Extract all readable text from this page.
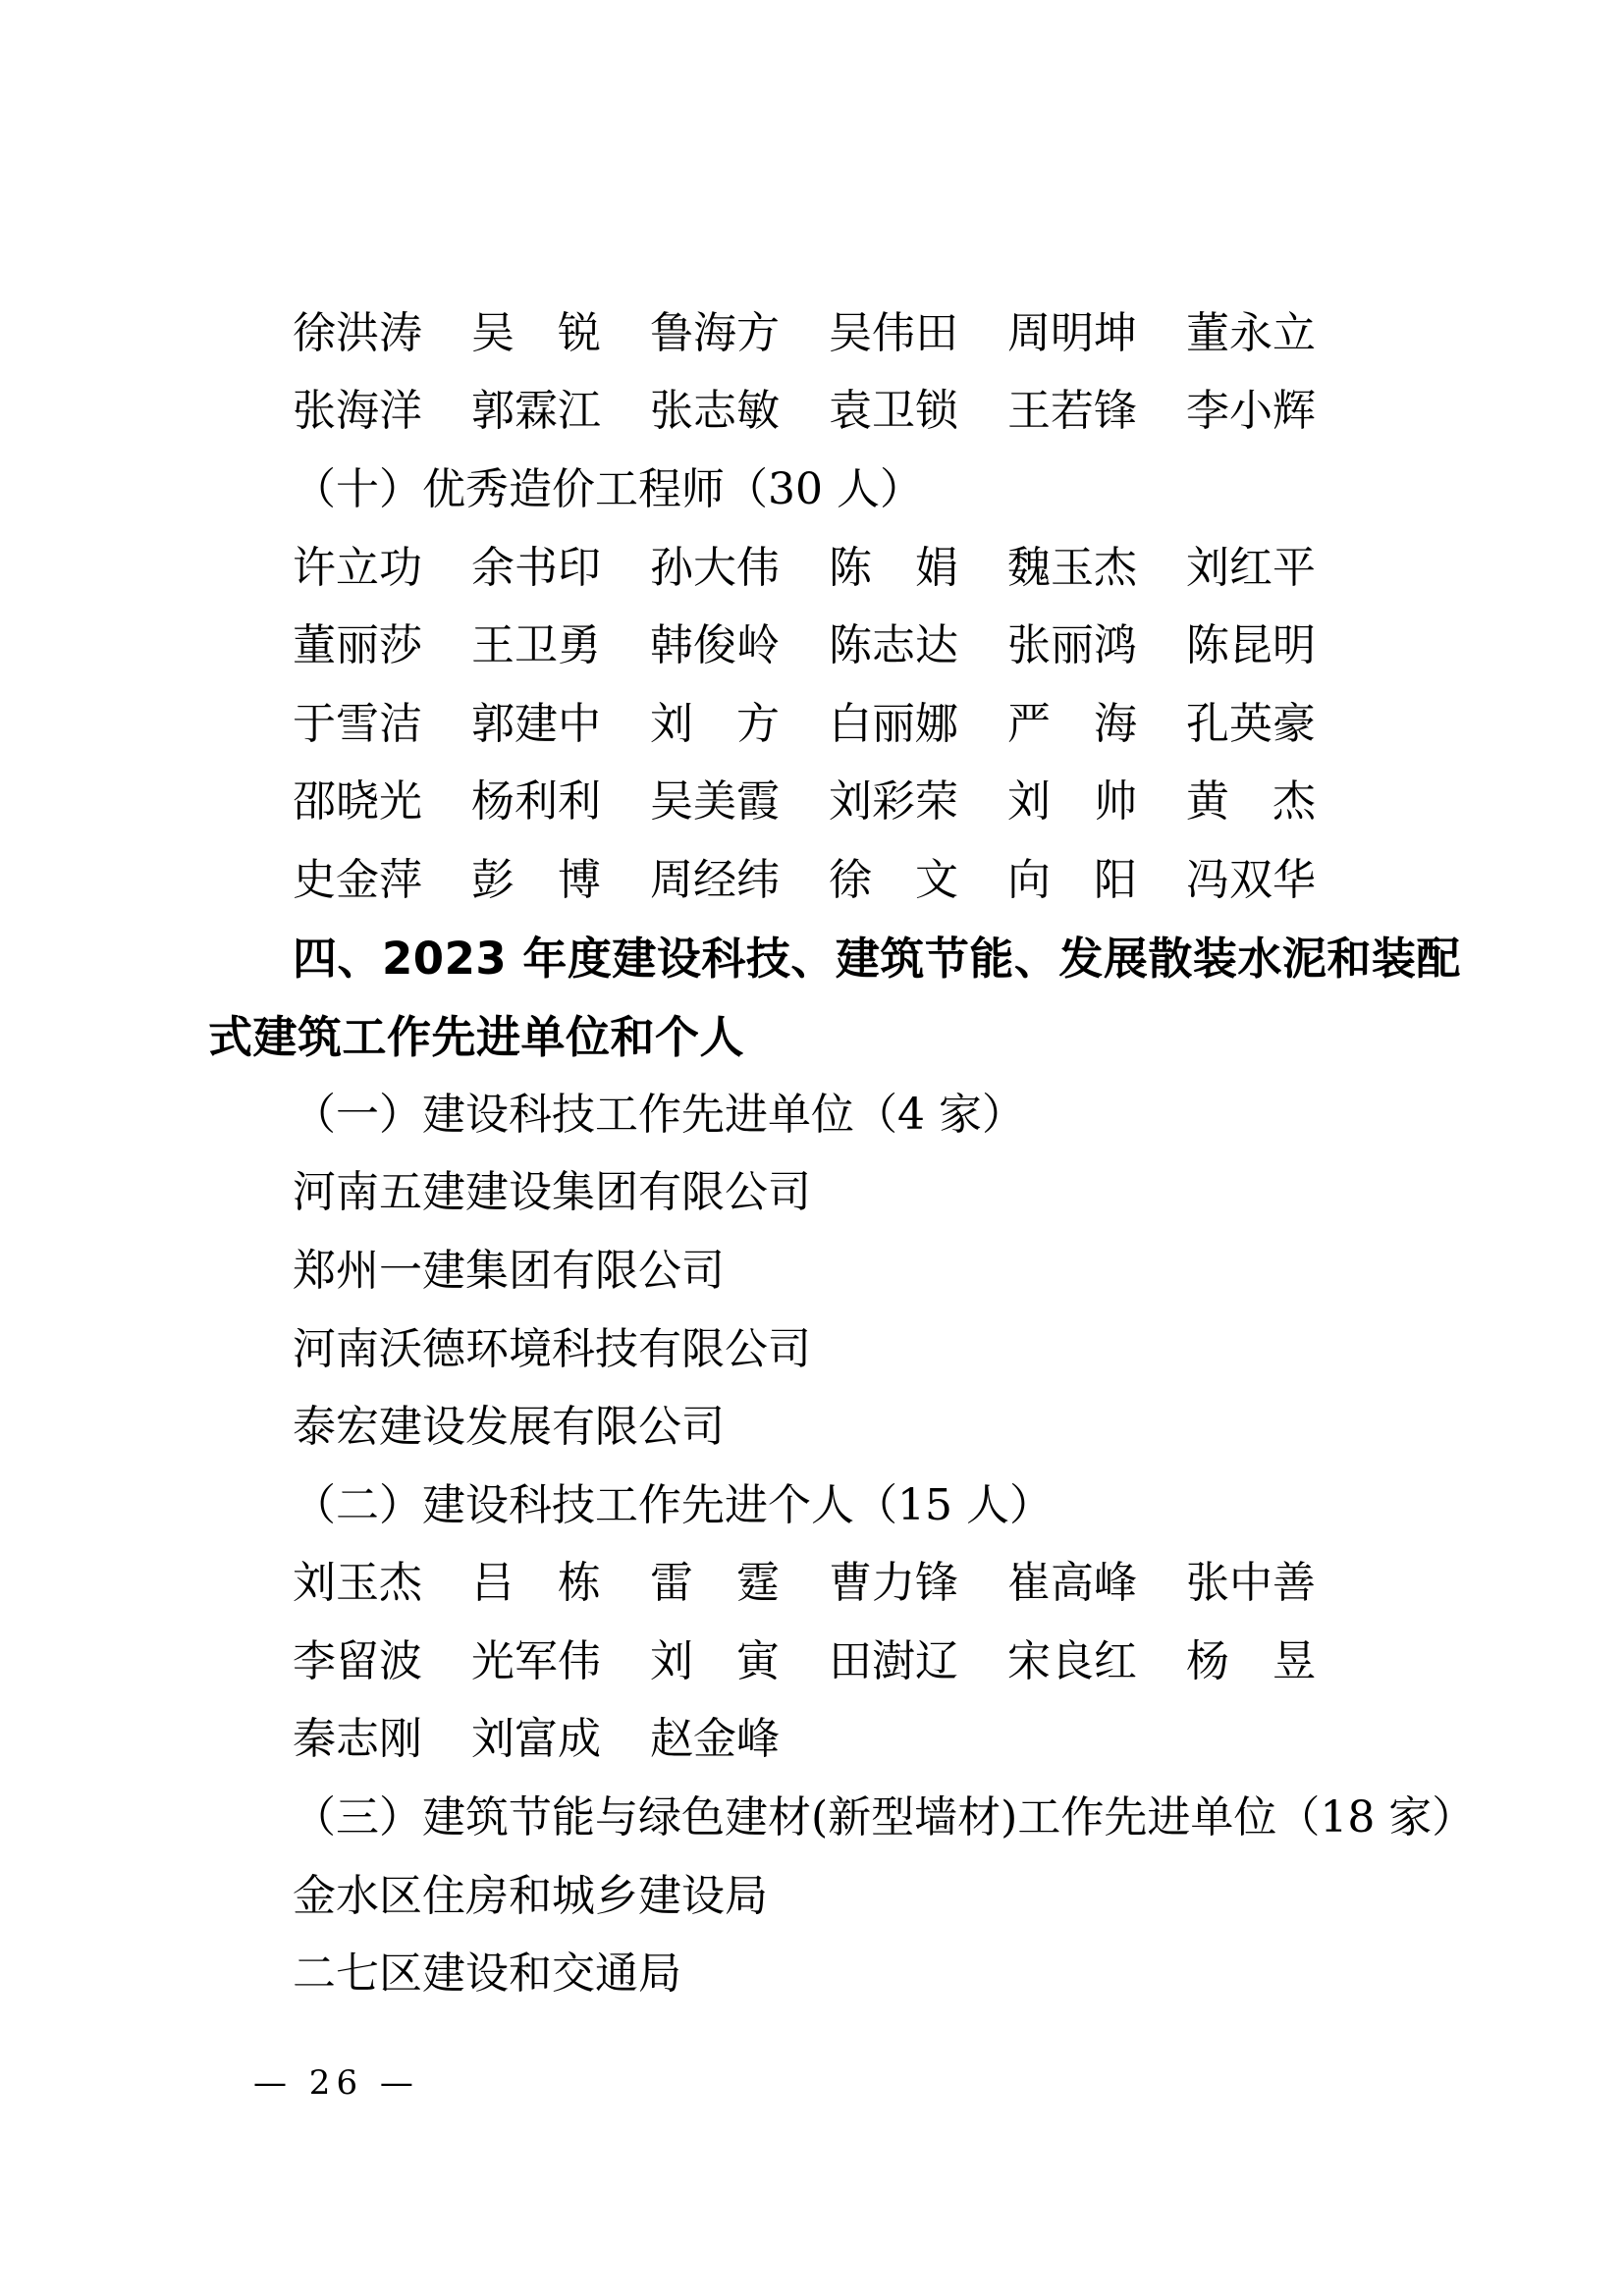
徐洪涛 吴　锐 鲁海方 吴伟田 周明坤 董永立
张海洋 郭霖江 张志敏 袁卫锁 王若锋 李小辉
（十）优秀造价工程师（30 人）
许立功 余书印 孙大伟 陈　娟 魏玉杰 刘红平
董丽莎 王卫勇 韩俊岭 陈志达 张丽鸿 陈昆明
于雪洁 郭建中 刘　方 白丽娜 严　海 孔英豪
邵晓光 杨利利 吴美霞 刘彩荣 刘　帅 黄　杰
史金萍 彭　博 周经纬 徐　文 向　阳 冯双华
四、2023 年度建设科技、建筑节能、发展散装水泥和装配
式建筑工作先进单位和个人
（一）建设科技工作先进单位（4 家）
河南五建建设集团有限公司
郑州一建集团有限公司
河南沃德环境科技有限公司
泰宏建设发展有限公司
（二）建设科技工作先进个人（15 人）
刘玉杰 吕　栋 雷　霆 曹力锋 崔高峰 张中善
李留波 光军伟 刘　寅 田澍辽 宋良红 杨　昱
秦志刚 刘富成 赵金峰
（三）建筑节能与绿色建材(新型墙材)工作先进单位（18 家）
金水区住房和城乡建设局
二七区建设和交通局
— 26 —
